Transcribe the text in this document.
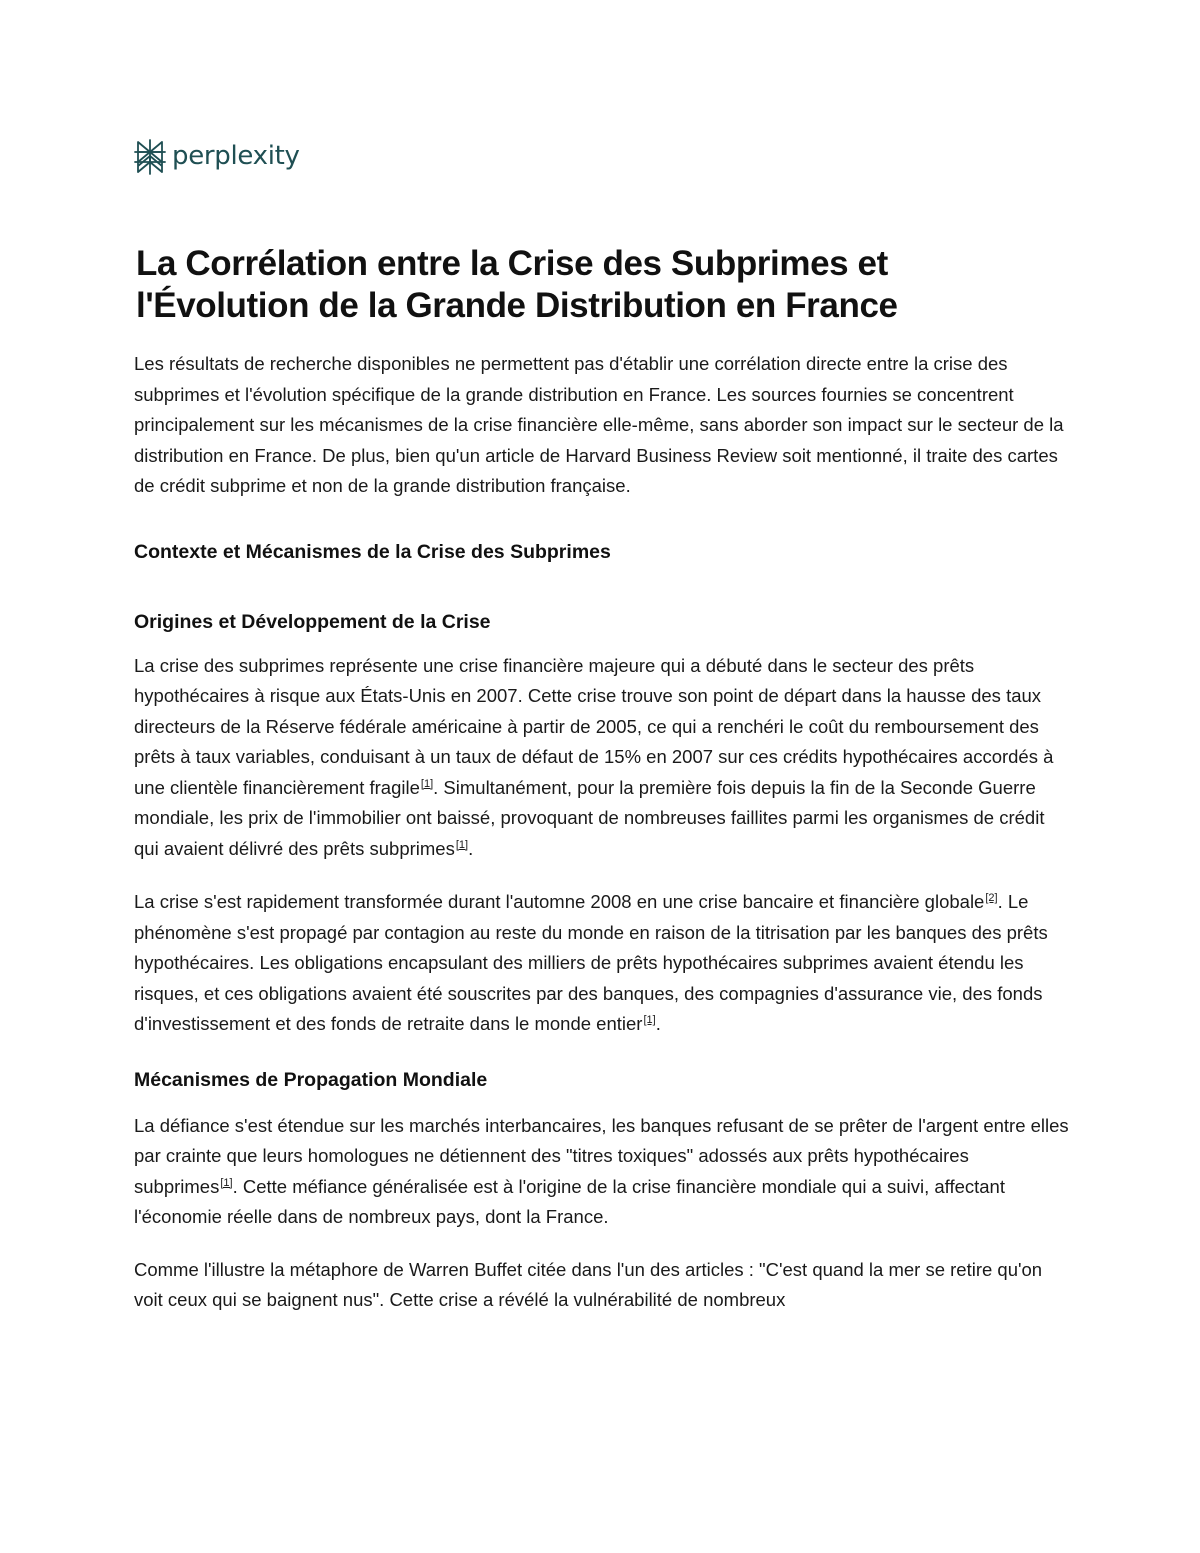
perplexity
La Corrélation entre la Crise des Subprimes et l'Évolution de la Grande Distribution en France

Les résultats de recherche disponibles ne permettent pas d'établir une corrélation directe entre la crise des subprimes et l'évolution spécifique de la grande distribution en France. Les sources fournies se concentrent principalement sur les mécanismes de la crise financière elle-même, sans aborder son impact sur le secteur de la distribution en France. De plus, bien qu'un article de Harvard Business Review soit mentionné, il traite des cartes de crédit subprime et non de la grande distribution française.

Contexte et Mécanismes de la Crise des Subprimes
Origines et Développement de la Crise

La crise des subprimes représente une crise financière majeure qui a débuté dans le secteur des prêts hypothécaires à risque aux États-Unis en 2007. Cette crise trouve son point de départ dans la hausse des taux directeurs de la Réserve fédérale américaine à partir de 2005, ce qui a renchéri le coût du remboursement des prêts à taux variables, conduisant à un taux de défaut de 15% en 2007 sur ces crédits hypothécaires accordés à une clientèle financièrement fragile[1]. Simultanément, pour la première fois depuis la fin de la Seconde Guerre mondiale, les prix de l'immobilier ont baissé, provoquant de nombreuses faillites parmi les organismes de crédit qui avaient délivré des prêts subprimes[1].

La crise s'est rapidement transformée durant l'automne 2008 en une crise bancaire et financière globale[2]. Le phénomène s'est propagé par contagion au reste du monde en raison de la titrisation par les banques des prêts hypothécaires. Les obligations encapsulant des milliers de prêts hypothécaires subprimes avaient étendu les risques, et ces obligations avaient été souscrites par des banques, des compagnies d'assurance vie, des fonds d'investissement et des fonds de retraite dans le monde entier[1].

Mécanismes de Propagation Mondiale

La défiance s'est étendue sur les marchés interbancaires, les banques refusant de se prêter de l'argent entre elles par crainte que leurs homologues ne détiennent des "titres toxiques" adossés aux prêts hypothécaires subprimes[1]. Cette méfiance généralisée est à l'origine de la crise financière mondiale qui a suivi, affectant l'économie réelle dans de nombreux pays, dont la France.

Comme l'illustre la métaphore de Warren Buffet citée dans l'un des articles : "C'est quand la mer se retire qu'on voit ceux qui se baignent nus". Cette crise a révélé la vulnérabilité de nombreux
